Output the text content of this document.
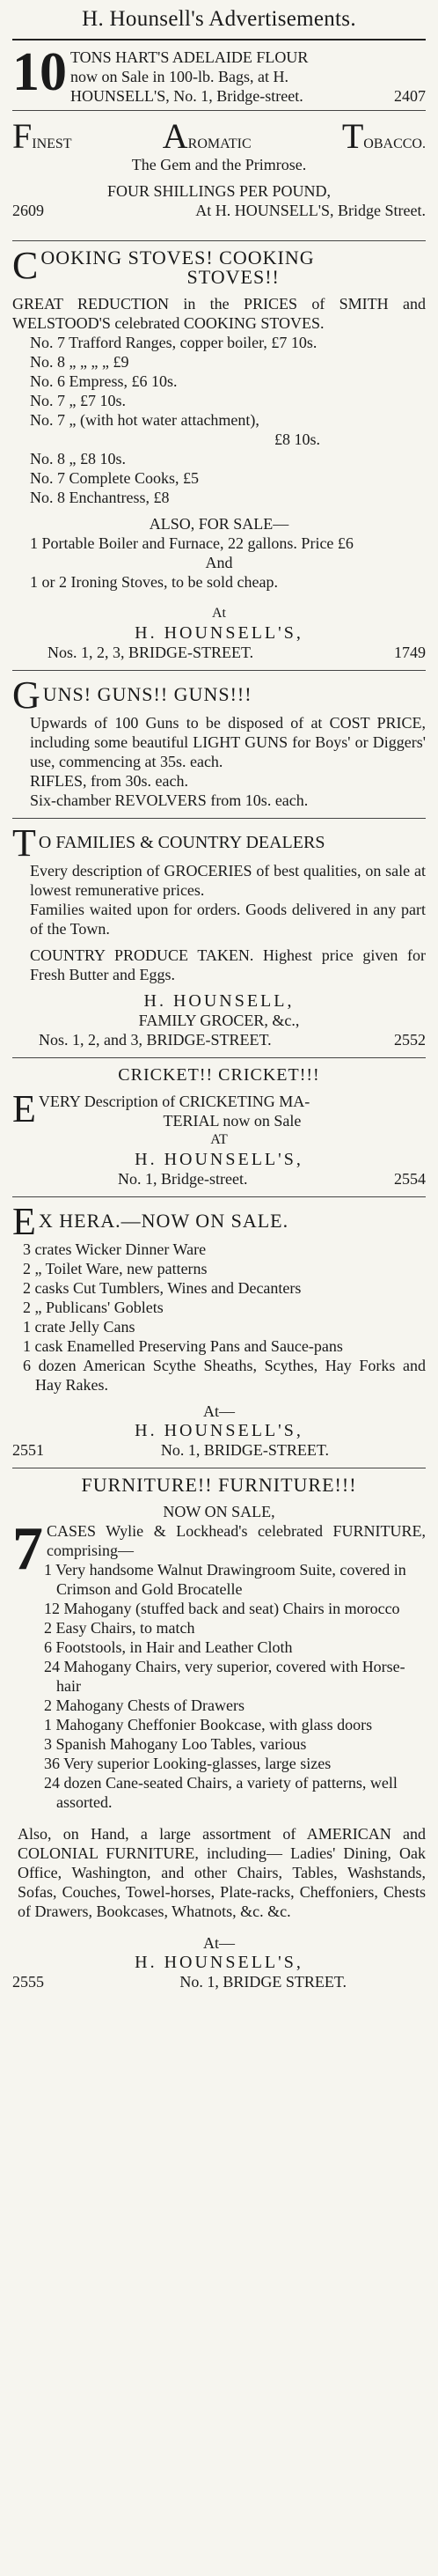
H. Hounsell's Advertisements.
10 TONS HART'S ADELAIDE FLOUR
now on Sale in 100-lb. Bags, at H.
HOUNSELL'S, No. 1, Bridge-street.	2407
FINEST	AROMATIC	TOBACCO.
The Gem and the Primrose.
FOUR SHILLINGS PER POUND,
2609	At H. HOUNSELL'S, Bridge Street.
C OOKING STOVES! COOKING
STOVES!!
GREAT REDUCTION in the PRICES of SMITH and WELSTOOD'S celebrated COOKING STOVES.
No. 7 Trafford Ranges, copper boiler, £7 10s.
No. 8 „ „ „ „ £9
No. 6 Empress, £6 10s.
No. 7 „ £7 10s.
No. 7 „ (with hot water attachment),
£8 10s.
No. 8 „ £8 10s.
No. 7 Complete Cooks, £5
No. 8 Enchantress, £8
ALSO, FOR SALE—
1 Portable Boiler and Furnace, 22 gallons. Price £6
And
1 or 2 Ironing Stoves, to be sold cheap.
At
H. HOUNSELL'S,
Nos. 1, 2, 3, BRIDGE-STREET.	1749
G UNS! GUNS!! GUNS!!!
Upwards of 100 Guns to be disposed of at COST PRICE, including some beautiful LIGHT GUNS for Boys' or Diggers' use, commencing at 35s. each.
RIFLES, from 30s. each.
Six-chamber REVOLVERS from 10s. each.
T O FAMILIES & COUNTRY DEALERS
Every description of GROCERIES of best qualities, on sale at lowest remunerative prices.
Families waited upon for orders. Goods delivered in any part of the Town.
COUNTRY PRODUCE TAKEN. Highest price given for Fresh Butter and Eggs.
H. HOUNSELL,
FAMILY GROCER, &c.,
Nos. 1, 2, and 3, BRIDGE-STREET.	2552
CRICKET!! CRICKET!!!
E VERY Description of CRICKETING MA-
TERIAL now on Sale
AT
H. HOUNSELL'S,
No. 1, Bridge-street.	2554
E X HERA.—NOW ON SALE.
3 crates Wicker Dinner Ware
2 „ Toilet Ware, new patterns
2 casks Cut Tumblers, Wines and Decanters
2 „ Publicans' Goblets
1 crate Jelly Cans
1 cask Enamelled Preserving Pans and Sauce-pans
6 dozen American Scythe Sheaths, Scythes, Hay Forks and Hay Rakes.
At—
H. HOUNSELL'S,
2551	No. 1, BRIDGE-STREET.
FURNITURE!! FURNITURE!!!
NOW ON SALE,
7 CASES Wylie & Lockhead's celebrated FURNITURE, comprising—
1 Very handsome Walnut Drawingroom Suite, covered in Crimson and Gold Brocatelle
12 Mahogany (stuffed back and seat) Chairs in morocco
2 Easy Chairs, to match
6 Footstools, in Hair and Leather Cloth
24 Mahogany Chairs, very superior, covered with Horse-hair
2 Mahogany Chests of Drawers
1 Mahogany Cheffonier Bookcase, with glass doors
3 Spanish Mahogany Loo Tables, various
36 Very superior Looking-glasses, large sizes
24 dozen Cane-seated Chairs, a variety of patterns, well assorted.
Also, on Hand, a large assortment of AMERICAN and COLONIAL FURNITURE, including— Ladies' Dining, Oak Office, Washington, and other Chairs, Tables, Washstands, Sofas, Couches, Towel-horses, Plate-racks, Cheffoniers, Chests of Drawers, Bookcases, Whatnots, &c. &c.
At—
H. HOUNSELL'S,
2555	No. 1, BRIDGE STREET.
